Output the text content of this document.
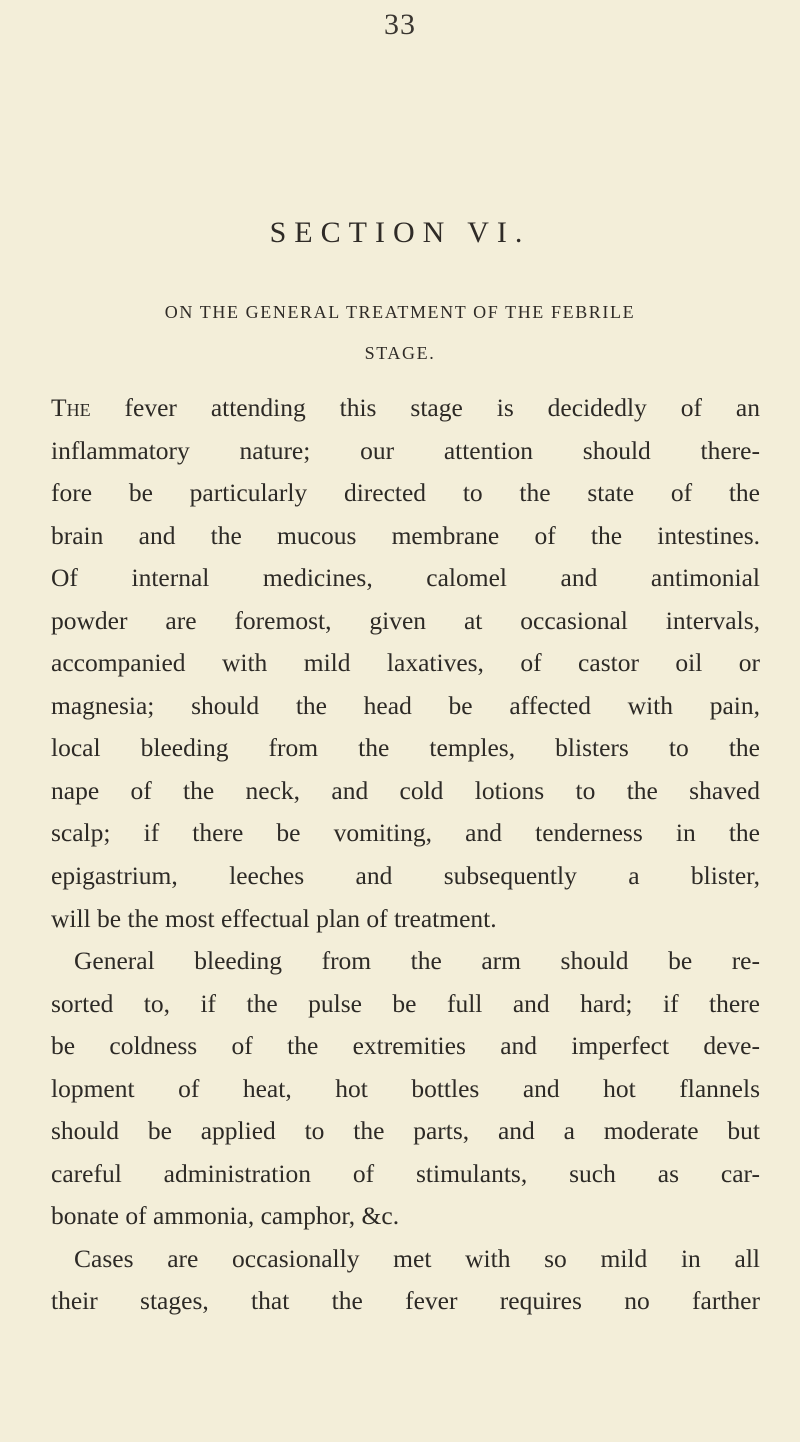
33
SECTION VI.
ON THE GENERAL TREATMENT OF THE FEBRILE
STAGE.
The fever attending this stage is decidedly of an
inflammatory nature; our attention should there-
fore be particularly directed to the state of the
brain and the mucous membrane of the intestines.
Of internal medicines, calomel and antimonial
powder are foremost, given at occasional intervals,
accompanied with mild laxatives, of castor oil or
magnesia; should the head be affected with pain,
local bleeding from the temples, blisters to the
nape of the neck, and cold lotions to the shaved
scalp; if there be vomiting, and tenderness in the
epigastrium, leeches and subsequently a blister,
will be the most effectual plan of treatment.
General bleeding from the arm should be re-
sorted to, if the pulse be full and hard; if there
be coldness of the extremities and imperfect deve-
lopment of heat, hot bottles and hot flannels
should be applied to the parts, and a moderate but
careful administration of stimulants, such as car-
bonate of ammonia, camphor, &c.
Cases are occasionally met with so mild in all
their stages, that the fever requires no farther
